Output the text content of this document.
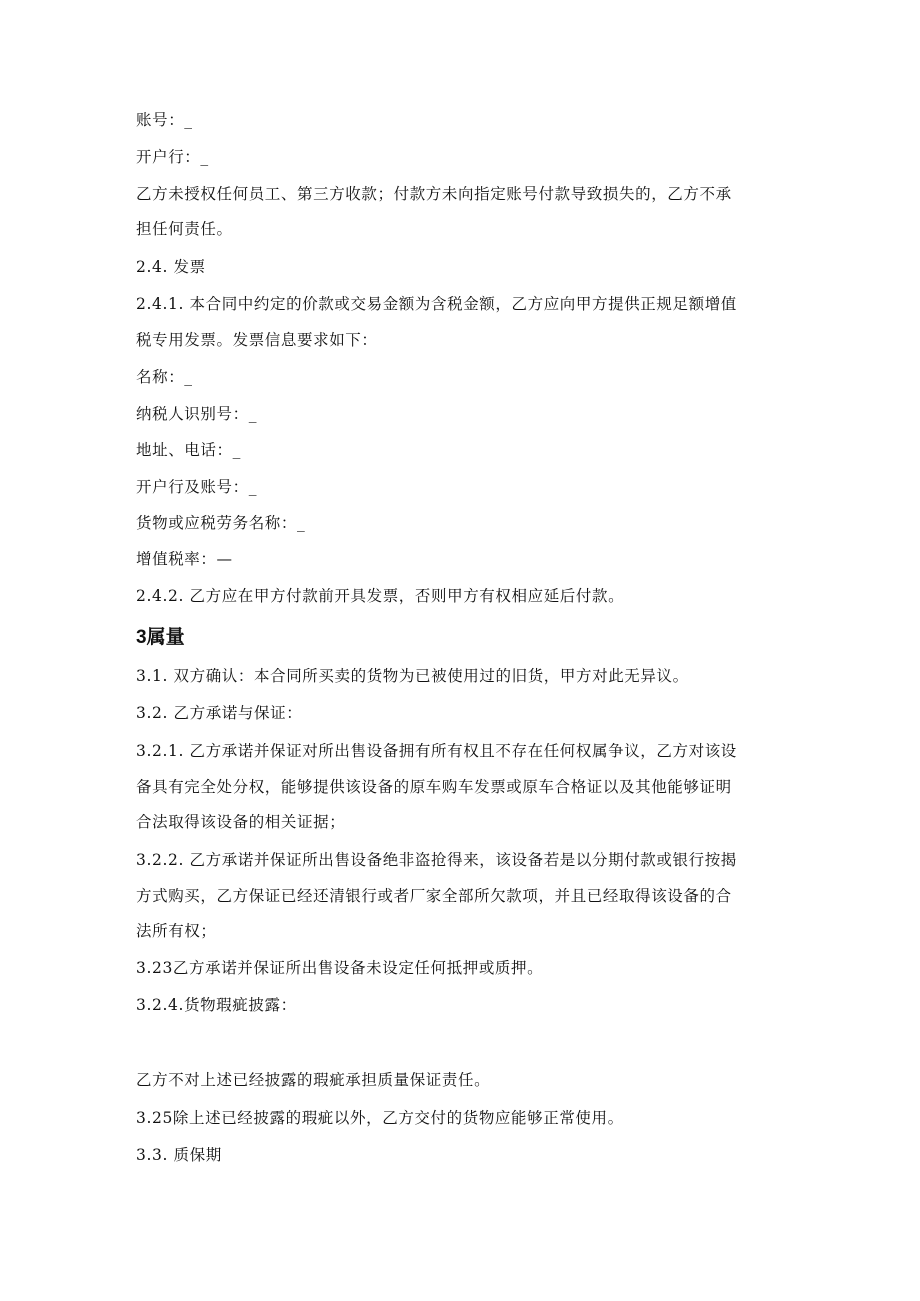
账号：_
开户行：_
乙方未授权任何员工、第三方收款；付款方未向指定账号付款导致损失的，乙方不承
担任何责任。
2.4. 发票
2.4.1. 本合同中约定的价款或交易金额为含税金额，乙方应向甲方提供正规足额增值
税专用发票。发票信息要求如下：
名称：_
纳税人识别号：_
地址、电话：_
开户行及账号：_
货物或应税劳务名称：_
增值税率：—
2.4.2. 乙方应在甲方付款前开具发票，否则甲方有权相应延后付款。
3属量
3.1. 双方确认：本合同所买卖的货物为已被使用过的旧货，甲方对此无异议。
3.2. 乙方承诺与保证：
3.2.1. 乙方承诺并保证对所出售设备拥有所有权且不存在任何权属争议，乙方对该设
备具有完全处分权，能够提供该设备的原车购车发票或原车合格证以及其他能够证明
合法取得该设备的相关证据；
3.2.2. 乙方承诺并保证所出售设备绝非盗抢得来，该设备若是以分期付款或银行按揭
方式购买，乙方保证已经还清银行或者厂家全部所欠款项，并且已经取得该设备的合
法所有权；
3.23乙方承诺并保证所出售设备未设定任何抵押或质押。
3.2.4.货物瑕疵披露：
乙方不对上述已经披露的瑕疵承担质量保证责任。
3.25除上述已经披露的瑕疵以外，乙方交付的货物应能够正常使用。
3.3. 质保期
